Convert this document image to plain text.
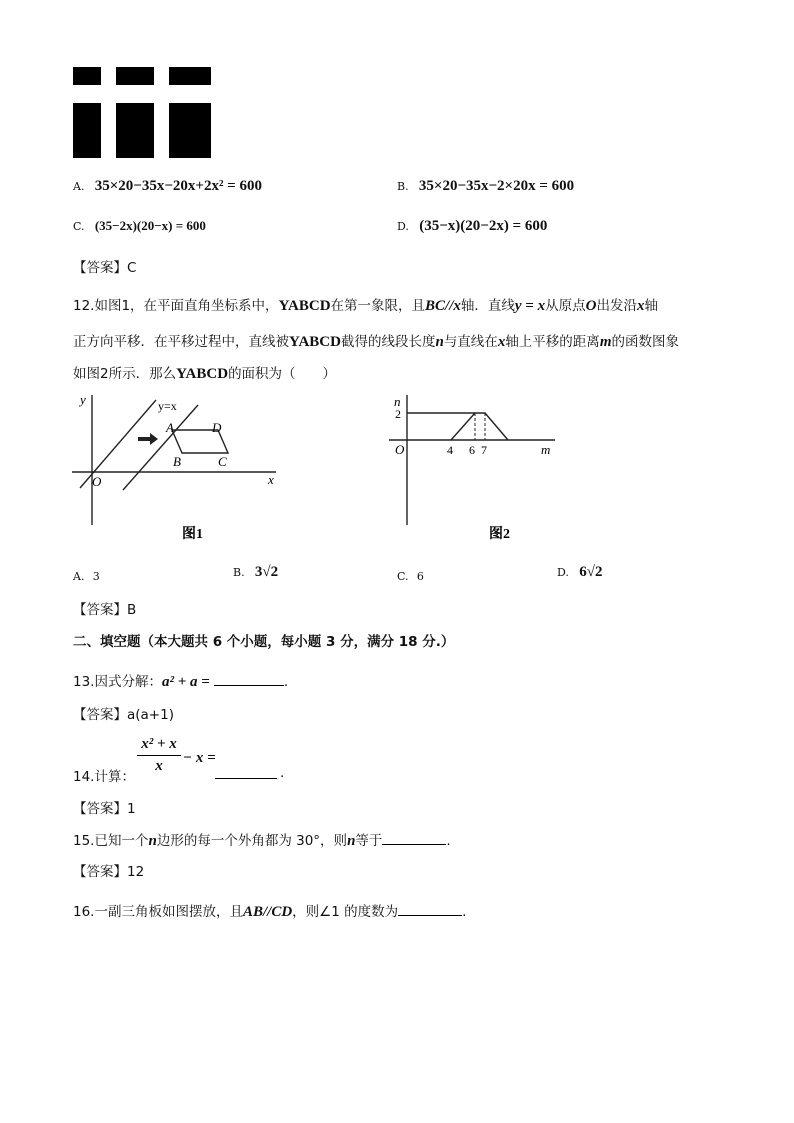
A. 35×20−35x−20x+2x² = 600	B. 35×20−35x−2×20x = 600
C. (35−2x)(20−x) = 600	D. (35−x)(20−2x) = 600
【答案】C
12.如图1，在平面直角坐标系中，YABCD在第一象限，且BC//x轴．直线y = x从原点O出发沿x轴
正方向平移．在平移过程中，直线被YABCD截得的线段长度n与直线在x轴上平移的距离m的函数图象
如图2所示．那么YABCD的面积为（　　）
y	y=x
A	D
B	C
O	x
图1
n
2
O	4 6 7	m
图2
A. 3	B. 3√2	C. 6	D. 6√2
【答案】B
二、填空题（本大题共 6 个小题，每小题 3 分，满分 18 分.）
13.因式分解：a² + a =	.
【答案】a(a+1)
14.计算：
x² + x
x	− x =
.
【答案】1
15.已知一个n边形的每一个外角都为 30°，则n等于	.
【答案】12
16.一副三角板如图摆放，且AB//CD，则∠1 的度数为	.
